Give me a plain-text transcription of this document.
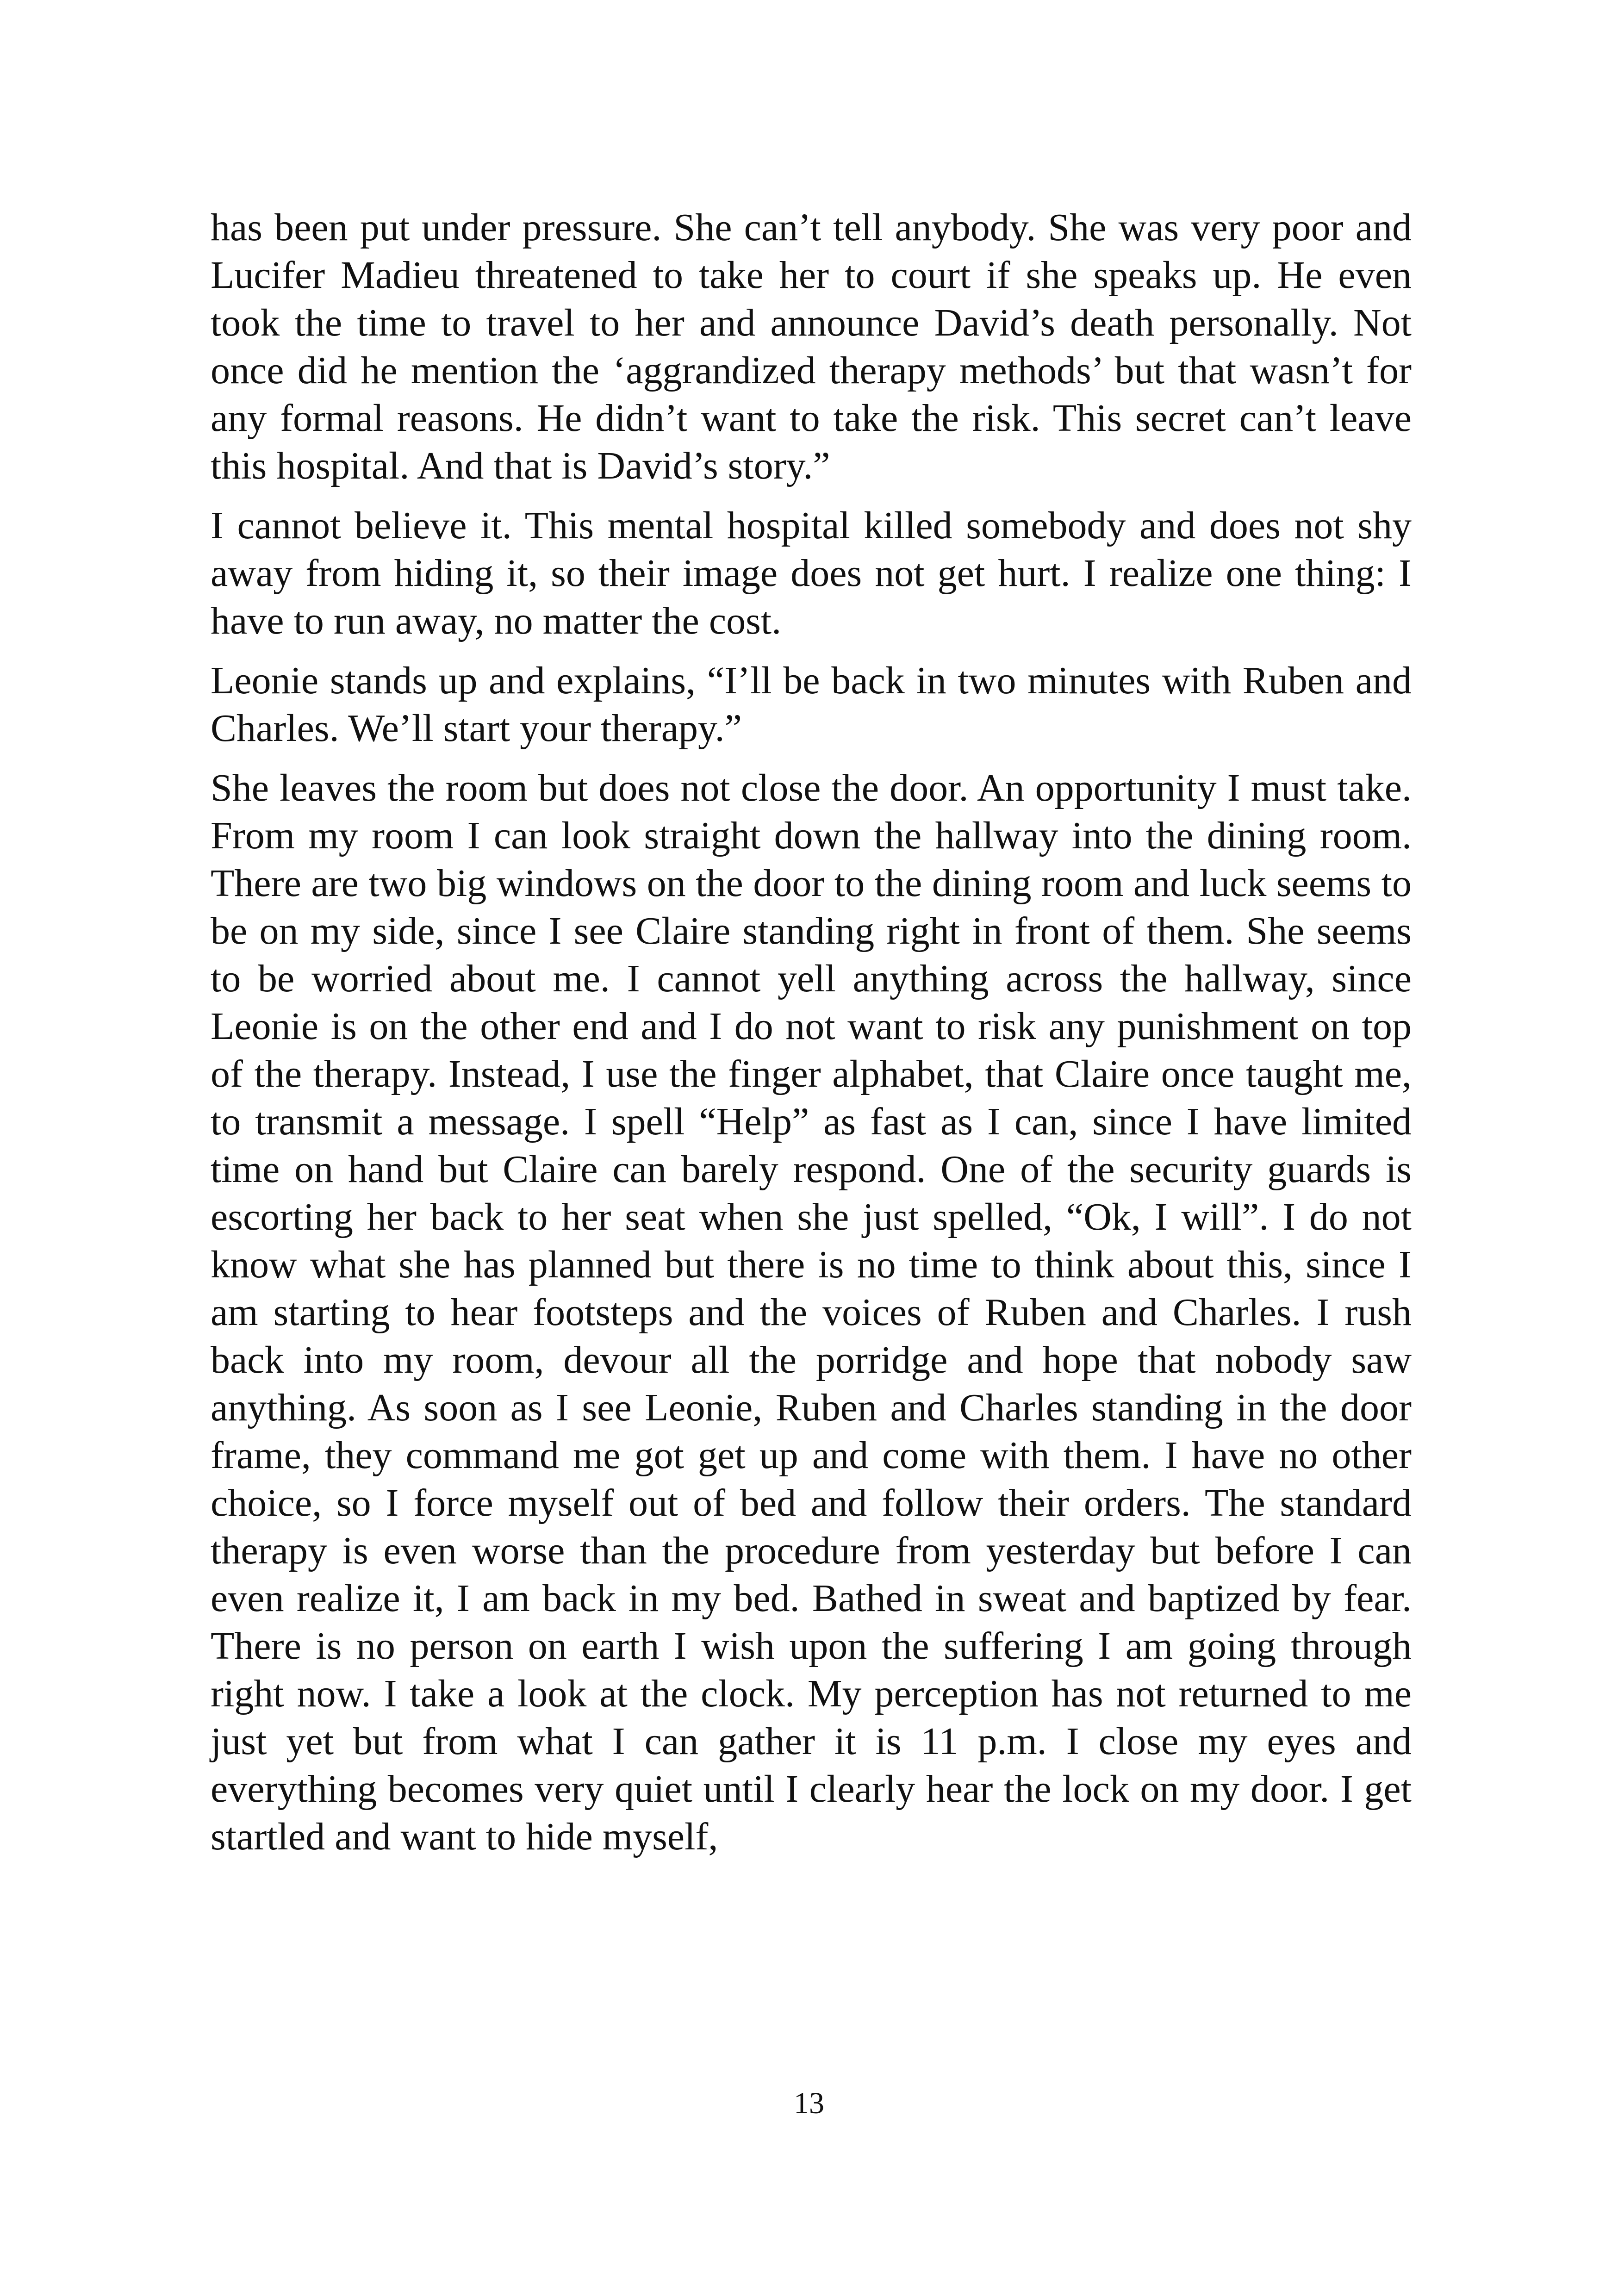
has been put under pressure. She can’t tell anybody. She was very poor and Lucifer Madieu threatened to take her to court if she speaks up. He even took the time to travel to her and announce David’s death personally. Not once did he mention the ‘aggrandized therapy methods’ but that wasn’t for any formal reasons. He didn’t want to take the risk. This secret can’t leave this hospital. And that is David’s story.”

I cannot believe it. This mental hospital killed somebody and does not shy away from hiding it, so their image does not get hurt. I realize one thing: I have to run away, no matter the cost.

Leonie stands up and explains, “I’ll be back in two minutes with Ruben and Charles. We’ll start your therapy.”

She leaves the room but does not close the door. An opportunity I must take. From my room I can look straight down the hallway into the dining room. There are two big windows on the door to the dining room and luck seems to be on my side, since I see Claire standing right in front of them. She seems to be worried about me. I cannot yell anything across the hallway, since Leonie is on the other end and I do not want to risk any punishment on top of the therapy. Instead, I use the finger alphabet, that Claire once taught me, to transmit a message. I spell “Help” as fast as I can, since I have limited time on hand but Claire can barely respond. One of the security guards is escorting her back to her seat when she just spelled, “Ok, I will”. I do not know what she has planned but there is no time to think about this, since I am starting to hear footsteps and the voices of Ruben and Charles. I rush back into my room, devour all the porridge and hope that nobody saw anything. As soon as I see Leonie, Ruben and Charles standing in the door frame, they command me got get up and come with them. I have no other choice, so I force myself out of bed and follow their orders. The standard therapy is even worse than the procedure from yesterday but before I can even realize it, I am back in my bed. Bathed in sweat and baptized by fear. There is no person on earth I wish upon the suffering I am going through right now. I take a look at the clock. My perception has not returned to me just yet but from what I can gather it is 11 p.m. I close my eyes and everything becomes very quiet until I clearly hear the lock on my door. I get startled and want to hide myself,

13
